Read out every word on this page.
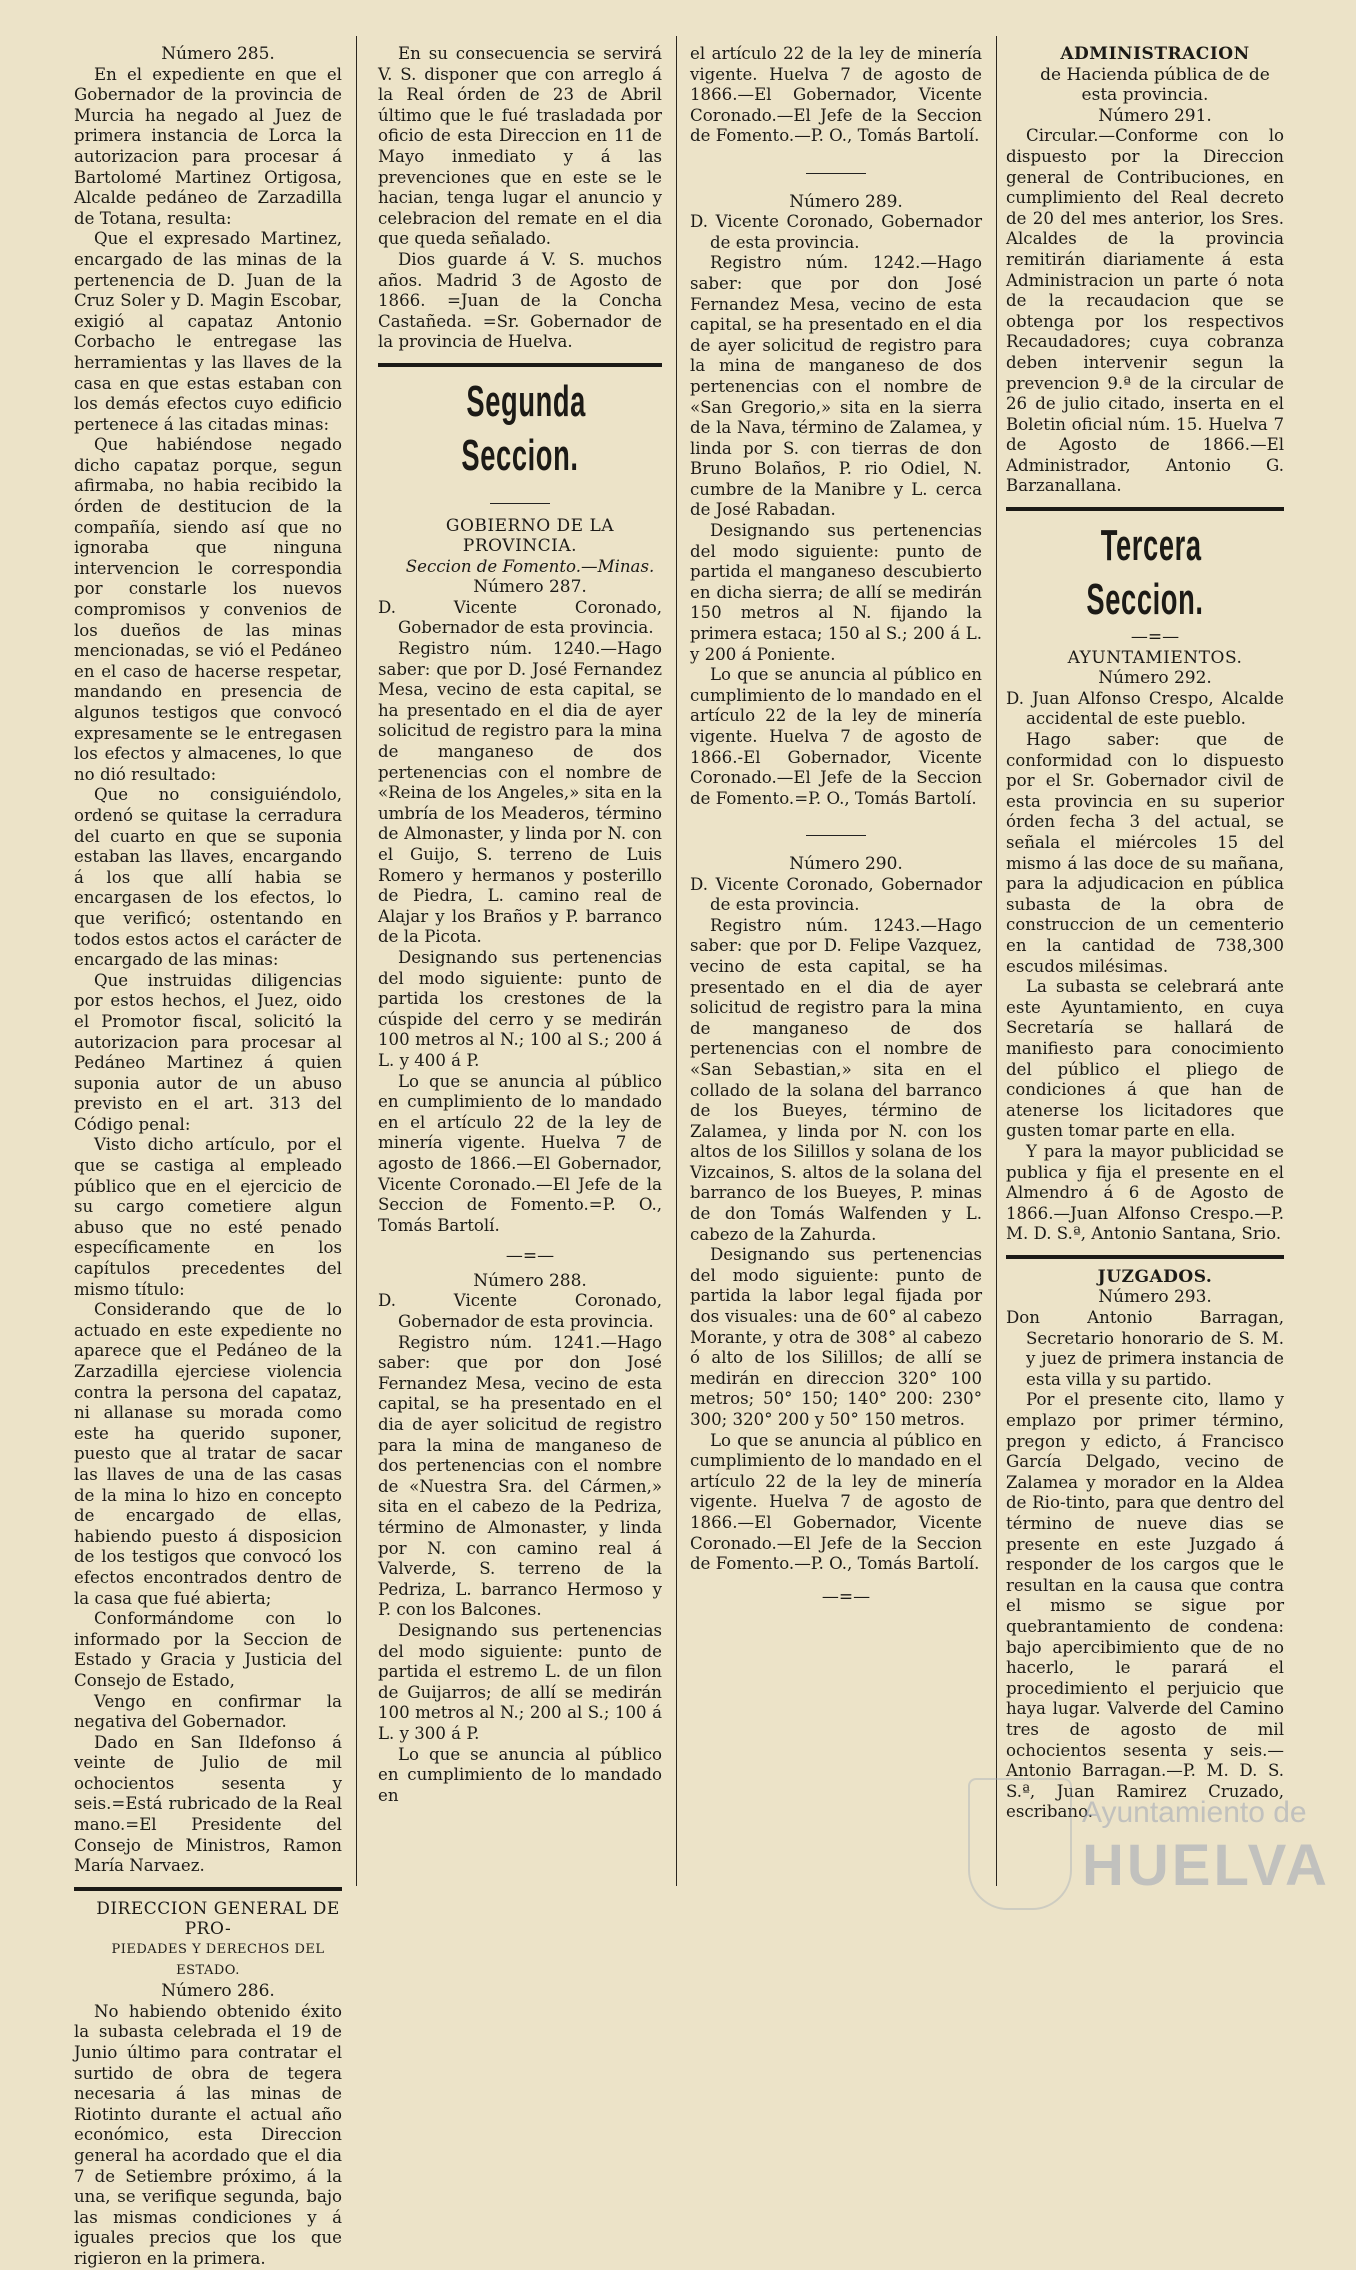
Número 285.

En el expediente en que el Gobernador de la provincia de Murcia ha negado al Juez de primera instancia de Lorca la autorizacion para procesar á Bartolomé Martinez Ortigosa, Alcalde pedáneo de Zarzadilla de Totana, resulta:

Que el expresado Martinez, encargado de las minas de la pertenencia de D. Juan de la Cruz Soler y D. Magin Escobar, exigió al capataz Antonio Corbacho le entregase las herramientas y las llaves de la casa en que estas estaban con los demás efectos cuyo edificio pertenece á las citadas minas:

Que habiéndose negado dicho capataz porque, segun afirmaba, no habia recibido la órden de destitucion de la compañía, siendo así que no ignoraba que ninguna intervencion le correspondia por constarle los nuevos compromisos y convenios de los dueños de las minas mencionadas, se vió el Pedáneo en el caso de hacerse respetar, mandando en presencia de algunos testigos que convocó expresamente se le entregasen los efectos y almacenes, lo que no dió resultado:

Que no consiguiéndolo, ordenó se quitase la cerradura del cuarto en que se suponia estaban las llaves, encargando á los que allí habia se encargasen de los efectos, lo que verificó; ostentando en todos estos actos el carácter de encargado de las minas:

Que instruidas diligencias por estos hechos, el Juez, oido el Promotor fiscal, solicitó la autorizacion para procesar al Pedáneo Martinez á quien suponia autor de un abuso previsto en el art. 313 del Código penal:

Visto dicho artículo, por el que se castiga al empleado público que en el ejercicio de su cargo cometiere algun abuso que no esté penado específicamente en los capítulos precedentes del mismo título:

Considerando que de lo actuado en este expediente no aparece que el Pedáneo de la Zarzadilla ejerciese violencia contra la persona del capataz, ni allanase su morada como este ha querido suponer, puesto que al tratar de sacar las llaves de una de las casas de la mina lo hizo en concepto de encargado de ellas, habiendo puesto á disposicion de los testigos que convocó los efectos encontrados dentro de la casa que fué abierta;

Conformándome con lo informado por la Seccion de Estado y Gracia y Justicia del Consejo de Estado,

Vengo en confirmar la negativa del Gobernador.

Dado en San Ildefonso á veinte de Julio de mil ochocientos sesenta y seis.=Está rubricado de la Real mano.=El Presidente del Consejo de Ministros, Ramon María Narvaez.

DIRECCION GENERAL DE PRO-

PIEDADES Y DERECHOS DEL ESTADO.

Número 286.

No habiendo obtenido éxito la subasta celebrada el 19 de Junio último para contratar el surtido de obra de tegera necesaria á las minas de Riotinto durante el actual año económico, esta Direccion general ha acordado que el dia 7 de Setiembre próximo, á la una, se verifique segunda, bajo las mismas condiciones y á iguales precios que los que rigieron en la primera.

En su consecuencia se servirá V. S. disponer que con arreglo á la Real órden de 23 de Abril último que le fué trasladada por oficio de esta Direccion en 11 de Mayo inmediato y á las prevenciones que en este se le hacian, tenga lugar el anuncio y celebracion del remate en el dia que queda señalado.

Dios guarde á V. S. muchos años. Madrid 3 de Agosto de 1866. =Juan de la Concha Castañeda. =Sr. Gobernador de la provincia de Huelva.

Segunda Seccion.

GOBIERNO DE LA PROVINCIA.

Seccion de Fomento.—Minas.

Número 287.

D. Vicente Coronado, Gobernador de esta provincia.

Registro núm. 1240.—Hago saber: que por D. José Fernandez Mesa, vecino de esta capital, se ha presentado en el dia de ayer solicitud de registro para la mina de manganeso de dos pertenencias con el nombre de «Reina de los Angeles,» sita en la umbría de los Meaderos, término de Almonaster, y linda por N. con el Guijo, S. terreno de Luis Romero y hermanos y posterillo de Piedra, L. camino real de Alajar y los Braños y P. barranco de la Picota.

Designando sus pertenencias del modo siguiente: punto de partida los crestones de la cúspide del cerro y se medirán 100 metros al N.; 100 al S.; 200 á L. y 400 á P.

Lo que se anuncia al público en cumplimiento de lo mandado en el artículo 22 de la ley de minería vigente. Huelva 7 de agosto de 1866.—El Gobernador, Vicente Coronado.—El Jefe de la Seccion de Fomento.=P. O., Tomás Bartolí.

—=—

Número 288.

D. Vicente Coronado, Gobernador de esta provincia.

Registro núm. 1241.—Hago saber: que por don José Fernandez Mesa, vecino de esta capital, se ha presentado en el dia de ayer solicitud de registro para la mina de manganeso de dos pertenencias con el nombre de «Nuestra Sra. del Cármen,» sita en el cabezo de la Pedriza, término de Almonaster, y linda por N. con camino real á Valverde, S. terreno de la Pedriza, L. barranco Hermoso y P. con los Balcones.

Designando sus pertenencias del modo siguiente: punto de partida el estremo L. de un filon de Guijarros; de allí se medirán 100 metros al N.; 200 al S.; 100 á L. y 300 á P.

Lo que se anuncia al público en cumplimiento de lo mandado en

el artículo 22 de la ley de minería vigente. Huelva 7 de agosto de 1866.—El Gobernador, Vicente Coronado.—El Jefe de la Seccion de Fomento.—P. O., Tomás Bartolí.

Número 289.

D. Vicente Coronado, Gobernador de esta provincia.

Registro núm. 1242.—Hago saber: que por don José Fernandez Mesa, vecino de esta capital, se ha presentado en el dia de ayer solicitud de registro para la mina de manganeso de dos pertenencias con el nombre de «San Gregorio,» sita en la sierra de la Nava, término de Zalamea, y linda por S. con tierras de don Bruno Bolaños, P. rio Odiel, N. cumbre de la Manibre y L. cerca de José Rabadan.

Designando sus pertenencias del modo siguiente: punto de partida el manganeso descubierto en dicha sierra; de allí se medirán 150 metros al N. fijando la primera estaca; 150 al S.; 200 á L. y 200 á Poniente.

Lo que se anuncia al público en cumplimiento de lo mandado en el artículo 22 de la ley de minería vigente. Huelva 7 de agosto de 1866.-El Gobernador, Vicente Coronado.—El Jefe de la Seccion de Fomento.=P. O., Tomás Bartolí.

Número 290.

D. Vicente Coronado, Gobernador de esta provincia.

Registro núm. 1243.—Hago saber: que por D. Felipe Vazquez, vecino de esta capital, se ha presentado en el dia de ayer solicitud de registro para la mina de manganeso de dos pertenencias con el nombre de «San Sebastian,» sita en el collado de la solana del barranco de los Bueyes, término de Zalamea, y linda por N. con los altos de los Silillos y solana de los Vizcainos, S. altos de la solana del barranco de los Bueyes, P. minas de don Tomás Walfenden y L. cabezo de la Zahurda.

Designando sus pertenencias del modo siguiente: punto de partida la labor legal fijada por dos visuales: una de 60° al cabezo Morante, y otra de 308° al cabezo ó alto de los Silillos; de allí se medirán en direccion 320° 100 metros; 50° 150; 140° 200: 230° 300; 320° 200 y 50° 150 metros.

Lo que se anuncia al público en cumplimiento de lo mandado en el artículo 22 de la ley de minería vigente. Huelva 7 de agosto de 1866.—El Gobernador, Vicente Coronado.—El Jefe de la Seccion de Fomento.—P. O., Tomás Bartolí.

—=—

ADMINISTRACION

de Hacienda pública de de esta provincia.

Número 291.

Circular.—Conforme con lo dispuesto por la Direccion general de Contribuciones, en cumplimiento del Real decreto de 20 del mes anterior, los Sres. Alcaldes de la provincia remitirán diariamente á esta Administracion un parte ó nota de la recaudacion que se obtenga por los respectivos Recaudadores; cuya cobranza deben intervenir segun la prevencion 9.ª de la circular de 26 de julio citado, inserta en el Boletin oficial núm. 15. Huelva 7 de Agosto de 1866.—El Administrador, Antonio G. Barzanallana.

Tercera Seccion.

—=—

AYUNTAMIENTOS.

Número 292.

D. Juan Alfonso Crespo, Alcalde accidental de este pueblo.

Hago saber: que de conformidad con lo dispuesto por el Sr. Gobernador civil de esta provincia en su superior órden fecha 3 del actual, se señala el miércoles 15 del mismo á las doce de su mañana, para la adjudicacion en pública subasta de la obra de construccion de un cementerio en la cantidad de 738,300 escudos milésimas.

La subasta se celebrará ante este Ayuntamiento, en cuya Secretaría se hallará de manifiesto para conocimiento del público el pliego de condiciones á que han de atenerse los licitadores que gusten tomar parte en ella.

Y para la mayor publicidad se publica y fija el presente en el Almendro á 6 de Agosto de 1866.—Juan Alfonso Crespo.—P. M. D. S.ª, Antonio Santana, Srio.

JUZGADOS.

Número 293.

Don Antonio Barragan, Secretario honorario de S. M. y juez de primera instancia de esta villa y su partido.

Por el presente cito, llamo y emplazo por primer término, pregon y edicto, á Francisco García Delgado, vecino de Zalamea y morador en la Aldea de Rio-tinto, para que dentro del término de nueve dias se presente en este Juzgado á responder de los cargos que le resultan en la causa que contra el mismo se sigue por quebrantamiento de condena: bajo apercibimiento que de no hacerlo, le parará el procedimiento el perjuicio que haya lugar. Valverde del Camino tres de agosto de mil ochocientos sesenta y seis.—Antonio Barragan.—P. M. D. S. S.ª, Juan Ramirez Cruzado, escribano.

Ayuntamiento de
HUELVA
